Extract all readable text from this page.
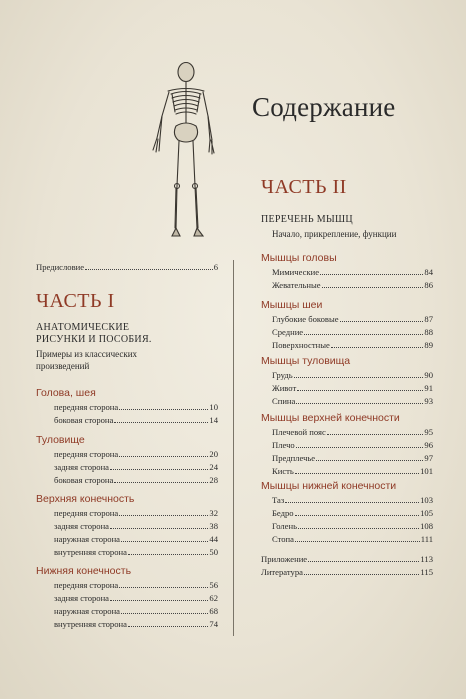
Содержание
Предисловие	6
ЧАСТЬ I
АНАТОМИЧЕСКИЕ
РИСУНКИ И ПОСОБИЯ.
Примеры из классических
произведений
Голова, шея
передняя сторона	10
боковая сторона	14
Туловище
передняя сторона	20
задняя сторона	24
боковая сторона	28
Верхняя конечность
передняя сторона	32
задняя сторона	38
наружная сторона	44
внутренняя сторона	50
Нижняя конечность
передняя сторона	56
задняя сторона	62
наружная сторона	68
внутренняя сторона	74
ЧАСТЬ II
ПЕРЕЧЕНЬ МЫШЦ
Начало, прикрепление, функции
Мышцы головы
Мимические	84
Жевательные	86
Мышцы шеи
Глубокие боковые	87
Средние	88
Поверхностные	89
Мышцы туловища
Грудь	90
Живот	91
Спина	93
Мышцы верхней конечности
Плечевой пояс	95
Плечо	96
Предплечье	97
Кисть	101
Мышцы нижней конечности
Таз	103
Бедро	105
Голень	108
Стопа	111
Приложение	113
Литература	115
